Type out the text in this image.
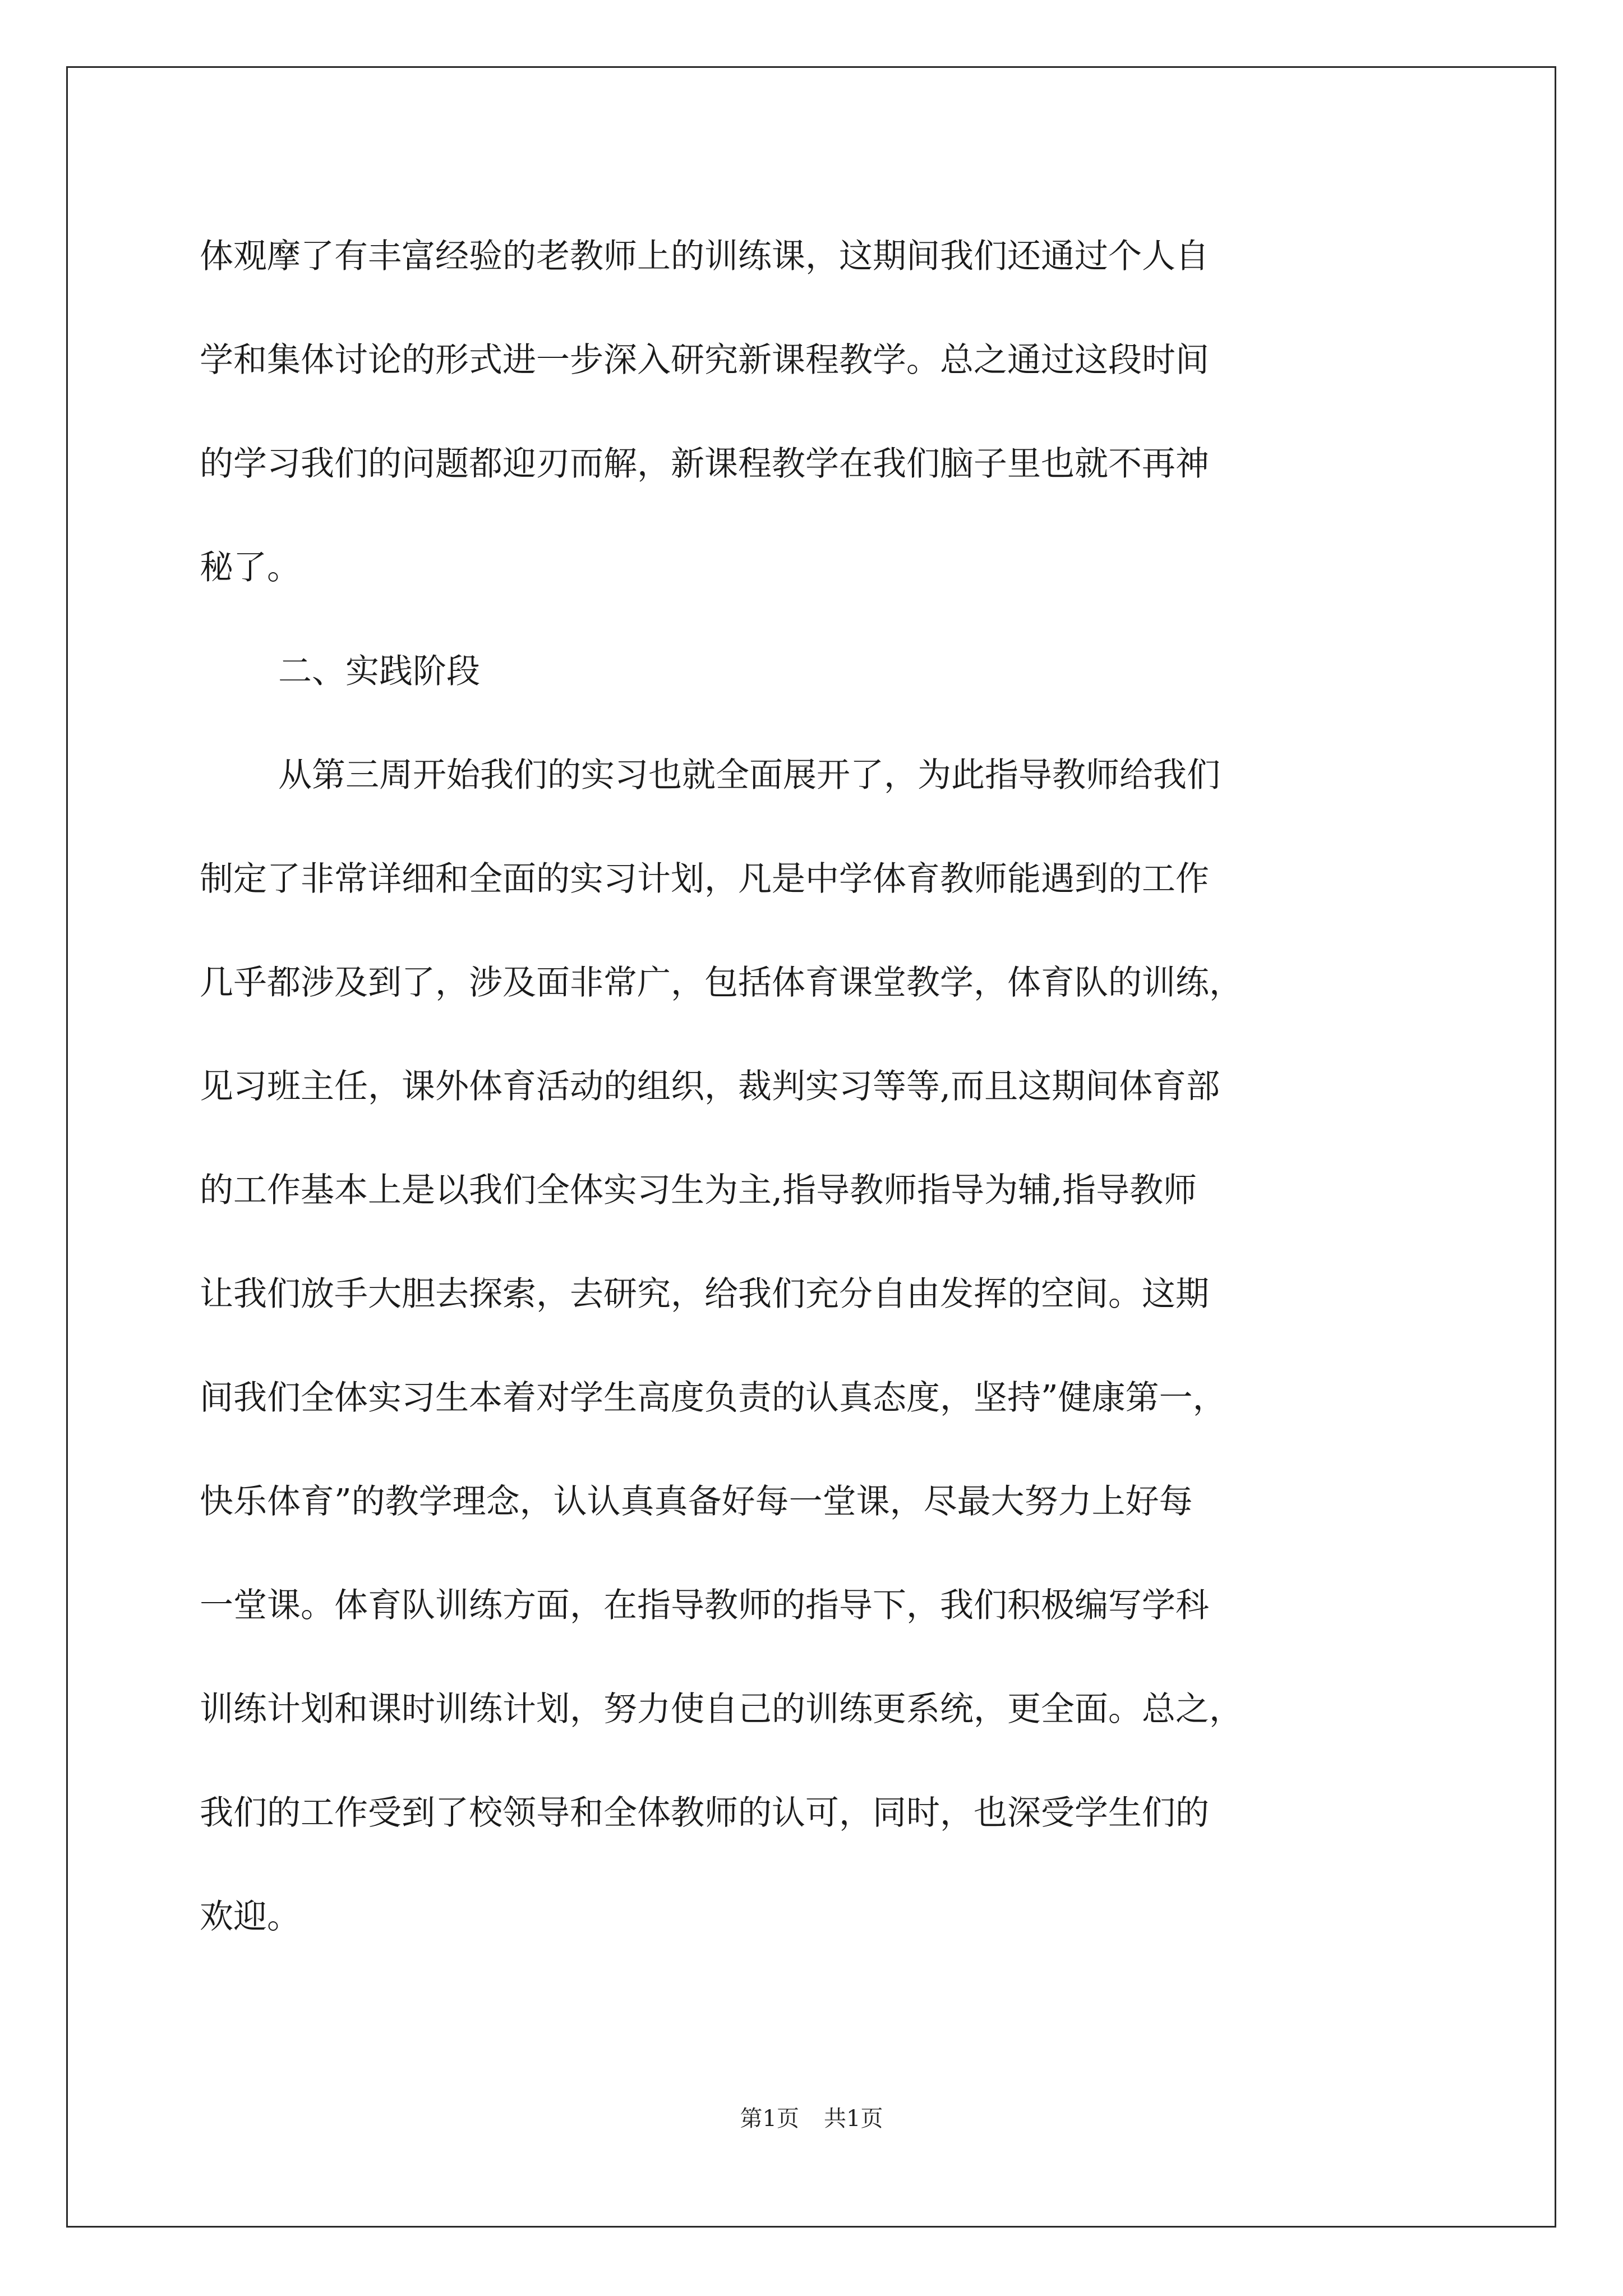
体观摩了有丰富经验的老教师上的训练课，这期间我们还通过个人自
学和集体讨论的形式进一步深入研究新课程教学。总之通过这段时间
的学习我们的问题都迎刃而解，新课程教学在我们脑子里也就不再神
秘了。
二、实践阶段
从第三周开始我们的实习也就全面展开了，为此指导教师给我们
制定了非常详细和全面的实习计划，凡是中学体育教师能遇到的工作
几乎都涉及到了，涉及面非常广，包括体育课堂教学，体育队的训练，
见习班主任，课外体育活动的组织，裁判实习等等,而且这期间体育部
的工作基本上是以我们全体实习生为主,指导教师指导为辅,指导教师
让我们放手大胆去探索，去研究，给我们充分自由发挥的空间。这期
间我们全体实习生本着对学生高度负责的认真态度，坚持”健康第一，
快乐体育”的教学理念，认认真真备好每一堂课，尽最大努力上好每
一堂课。体育队训练方面，在指导教师的指导下，我们积极编写学科
训练计划和课时训练计划，努力使自己的训练更系统，更全面。总之，
我们的工作受到了校领导和全体教师的认可，同时，也深受学生们的
欢迎。
第1页 共1页
